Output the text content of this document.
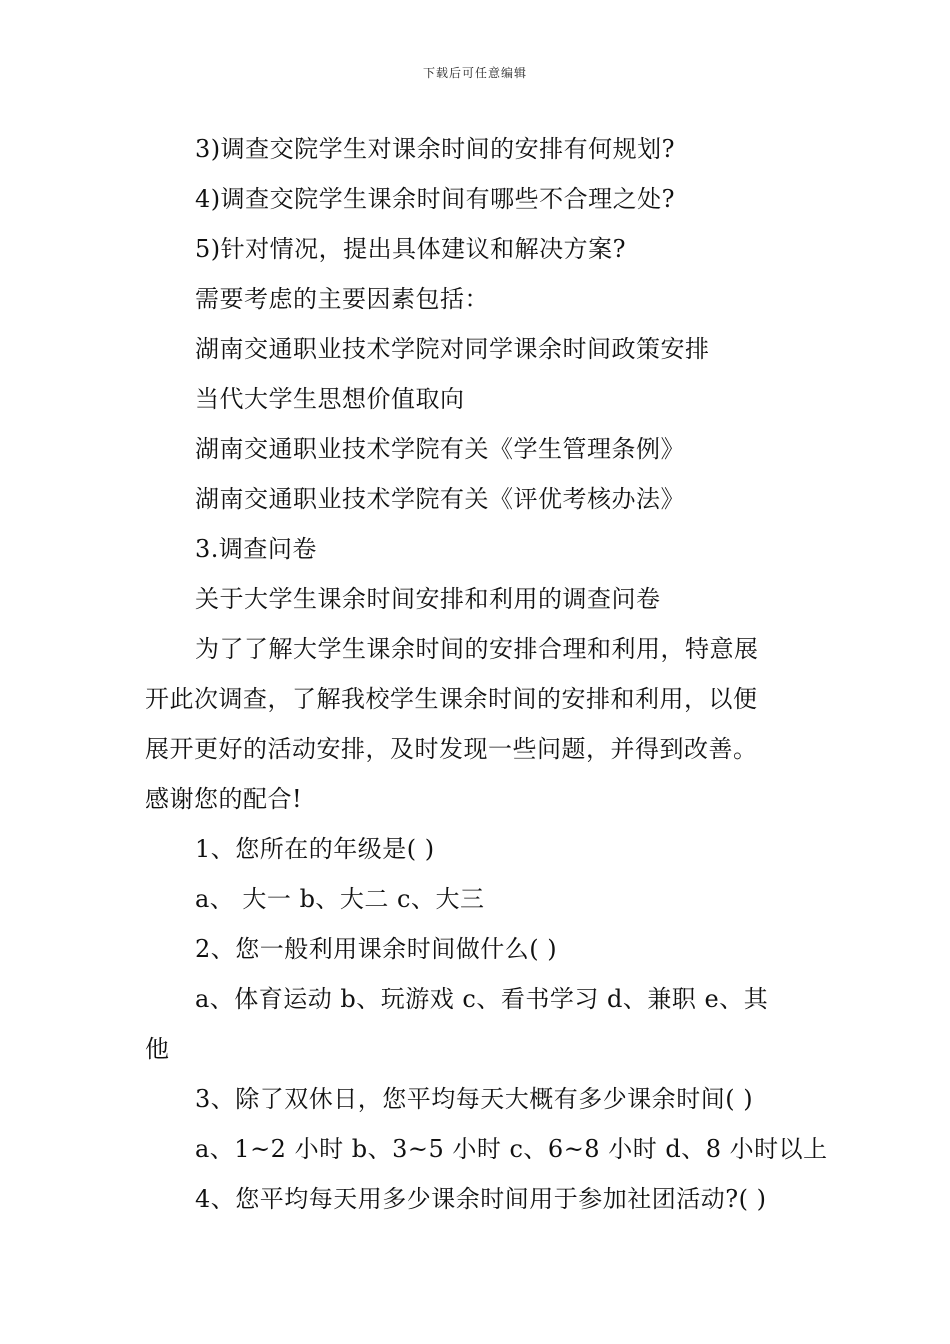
下载后可任意编辑
3)调查交院学生对课余时间的安排有何规划?
4)调查交院学生课余时间有哪些不合理之处?
5)针对情况，提出具体建议和解决方案?
需要考虑的主要因素包括：
湖南交通职业技术学院对同学课余时间政策安排
当代大学生思想价值取向
湖南交通职业技术学院有关《学生管理条例》
湖南交通职业技术学院有关《评优考核办法》
3.调查问卷
关于大学生课余时间安排和利用的调查问卷
为了了解大学生课余时间的安排合理和利用，特意展
开此次调查，了解我校学生课余时间的安排和利用，以便
展开更好的活动安排，及时发现一些问题，并得到改善。
感谢您的配合!
1、您所在的年级是( )
a、 大一 b、大二 c、大三
2、您一般利用课余时间做什么( )
a、体育运动 b、玩游戏 c、看书学习 d、兼职 e、其
他
3、除了双休日，您平均每天大概有多少课余时间( )
a、1~2 小时 b、3~5 小时 c、6~8 小时 d、8 小时以上
4、您平均每天用多少课余时间用于参加社团活动?( )
